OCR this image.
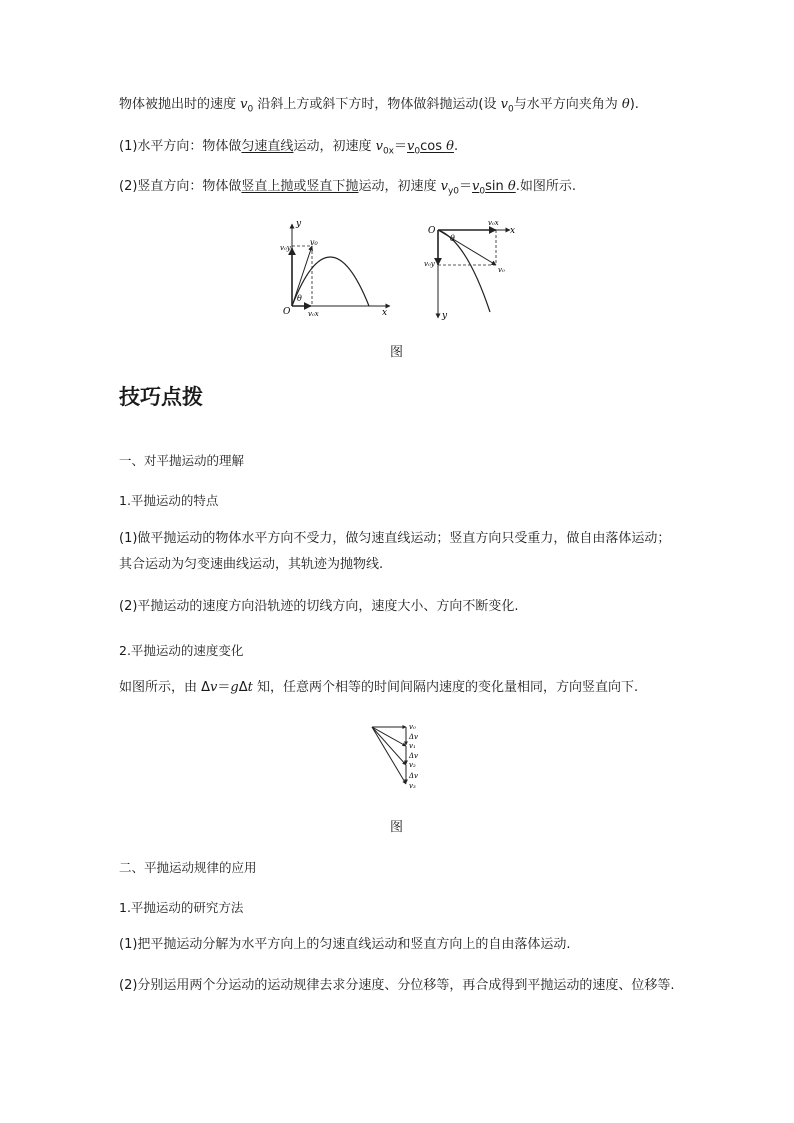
物体被抛出时的速度 $v_0$ 沿斜上方或斜下方时，物体做斜抛运动(设 $v_0$与水平方向夹角为 θ).

(1)水平方向：物体做匀速直线运动，初速度 $v_{0x}=v_0\cos$ θ.

(2)竖直方向：物体做竖直上抛或竖直下抛运动，初速度 $v_{y0}=v_0\sin$ θ.如图所示.

y
x
O
v₀
v₀y
v₀x
θ
O	x
y
θ
v₀x
v₀y
v₀
图
技巧点拨

一、对平抛运动的理解

1.平抛运动的特点

(1)做平抛运动的物体水平方向不受力，做匀速直线运动；竖直方向只受重力，做自由落体运动；其合运动为匀变速曲线运动，其轨迹为抛物线.

(2)平抛运动的速度方向沿轨迹的切线方向，速度大小、方向不断变化.

2.平抛运动的速度变化

如图所示，由 Δv＝gΔt 知，任意两个相等的时间间隔内速度的变化量相同，方向竖直向下.

v₀
Δv
v₁
Δv
v₂
Δv
v₃
图

二、平抛运动规律的应用

1.平抛运动的研究方法

(1)把平抛运动分解为水平方向上的匀速直线运动和竖直方向上的自由落体运动.

(2)分别运用两个分运动的运动规律去求分速度、分位移等，再合成得到平抛运动的速度、位移等.
